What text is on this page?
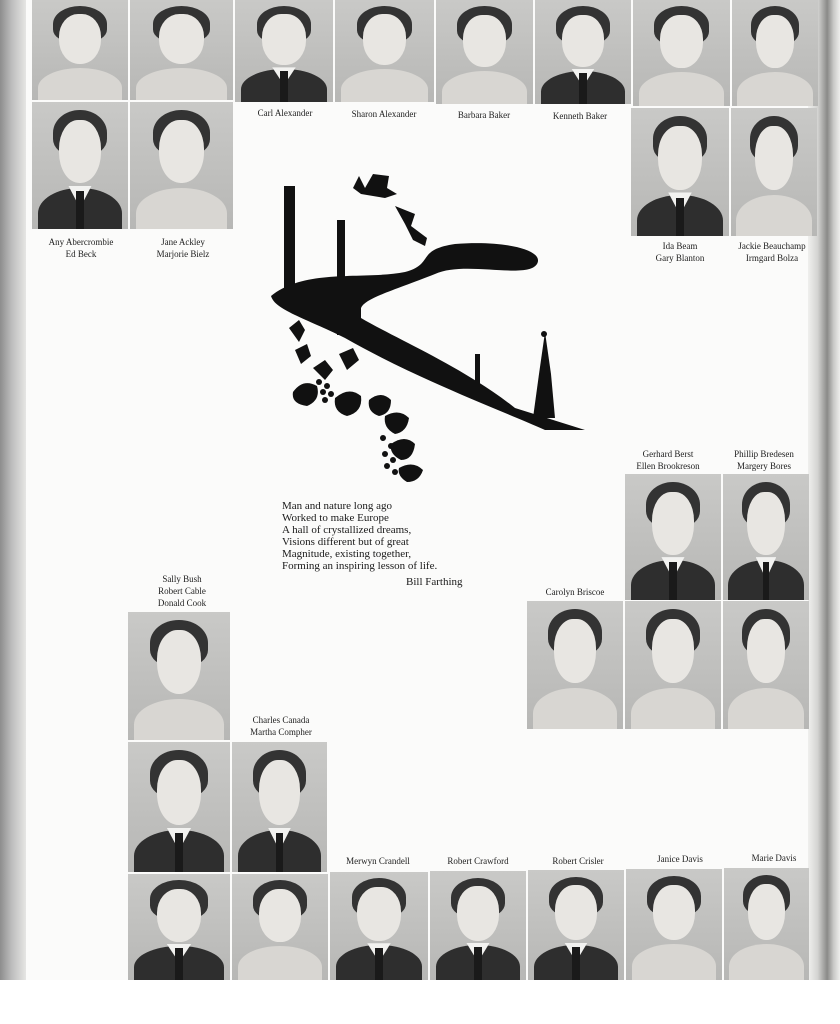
Carl Alexander	Sharon Alexander	Barbara Baker	Kenneth Baker
Any Abercrombie
Ed Beck
Jane Ackley
Marjorie Bielz
Ida Beam
Gary Blanton
Jackie Beauchamp
Irmgard Bolza
Gerhard Berst
Ellen Brookreson
Phillip Bredesen
Margery Bores
Carolyn Briscoe
Man and nature long ago
Worked to make Europe
A hall of crystallized dreams,
Visions different but of great
Magnitude, existing together,
Forming an inspiring lesson of life.
Bill Farthing
Sally Bush
Robert Cable
Donald Cook
Charles Canada
Martha Compher
Merwyn Crandell	Robert Crawford	Robert Crisler	Janice Davis	Marie Davis
